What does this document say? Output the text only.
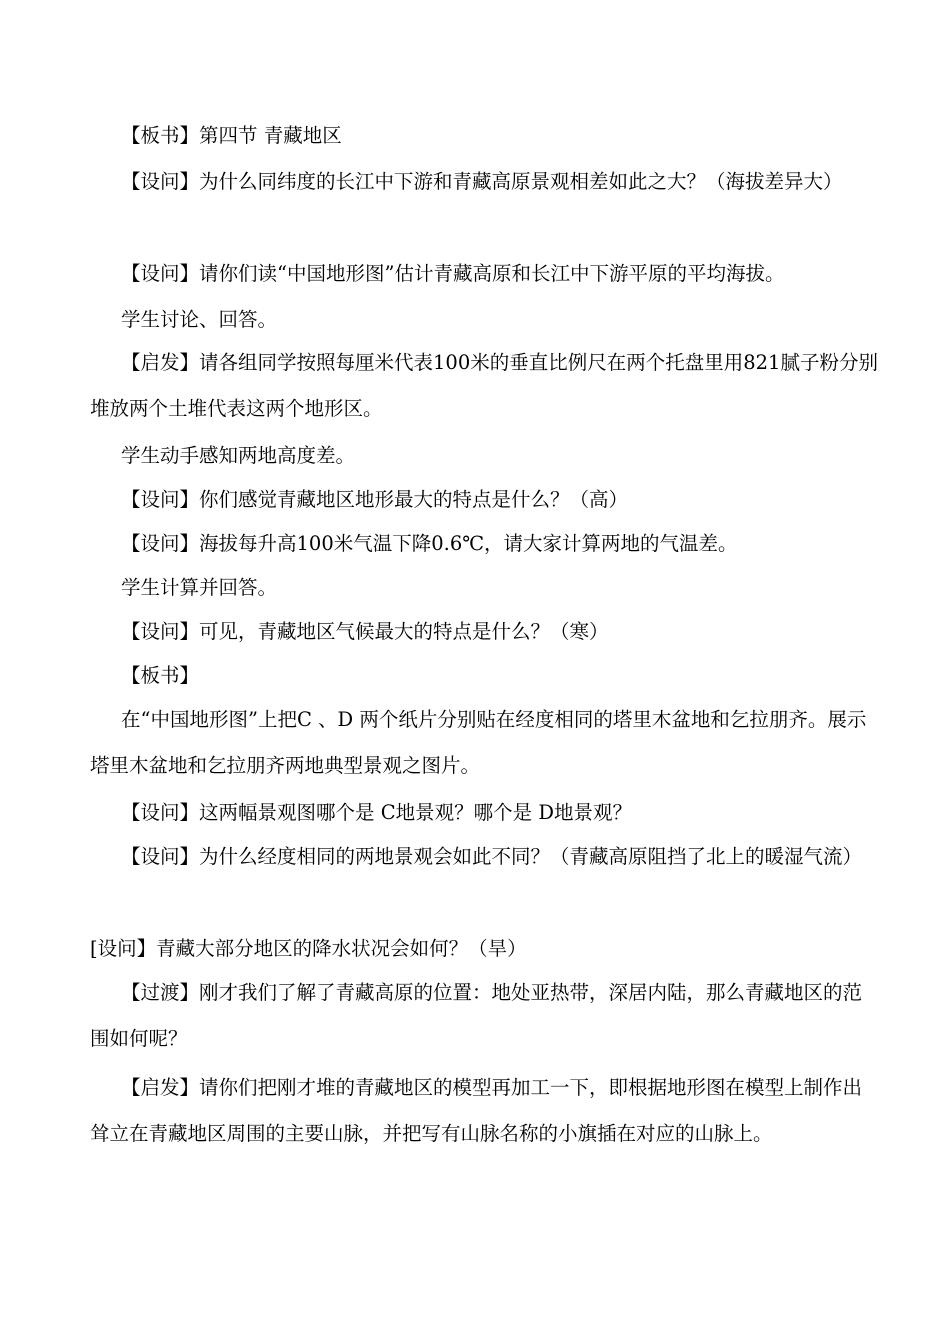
【板书】第四节 青藏地区

【设问】为什么同纬度的长江中下游和青藏高原景观相差如此之大？（海拔差异大）

【设问】请你们读“中国地形图”估计青藏高原和长江中下游平原的平均海拔。

学生讨论、回答。

【启发】请各组同学按照每厘米代表100米的垂直比例尺在两个托盘里用821腻子粉分别堆放两个土堆代表这两个地形区。

学生动手感知两地高度差。

【设问】你们感觉青藏地区地形最大的特点是什么？（高）

【设问】海拔每升高100米气温下降0.6℃，请大家计算两地的气温差。

学生计算并回答。

【设问】可见，青藏地区气候最大的特点是什么？（寒）

【板书】

在“中国地形图”上把C 、D 两个纸片分别贴在经度相同的塔里木盆地和乞拉朋齐。展示塔里木盆地和乞拉朋齐两地典型景观之图片。

【设问】这两幅景观图哪个是 C地景观？哪个是 D地景观？

【设问】为什么经度相同的两地景观会如此不同？（青藏高原阻挡了北上的暖湿气流）

[设问】青藏大部分地区的降水状况会如何？（旱）

【过渡】刚才我们了解了青藏高原的位置：地处亚热带，深居内陆，那么青藏地区的范围如何呢？

【启发】请你们把刚才堆的青藏地区的模型再加工一下，即根据地形图在模型上制作出耸立在青藏地区周围的主要山脉，并把写有山脉名称的小旗插在对应的山脉上。
